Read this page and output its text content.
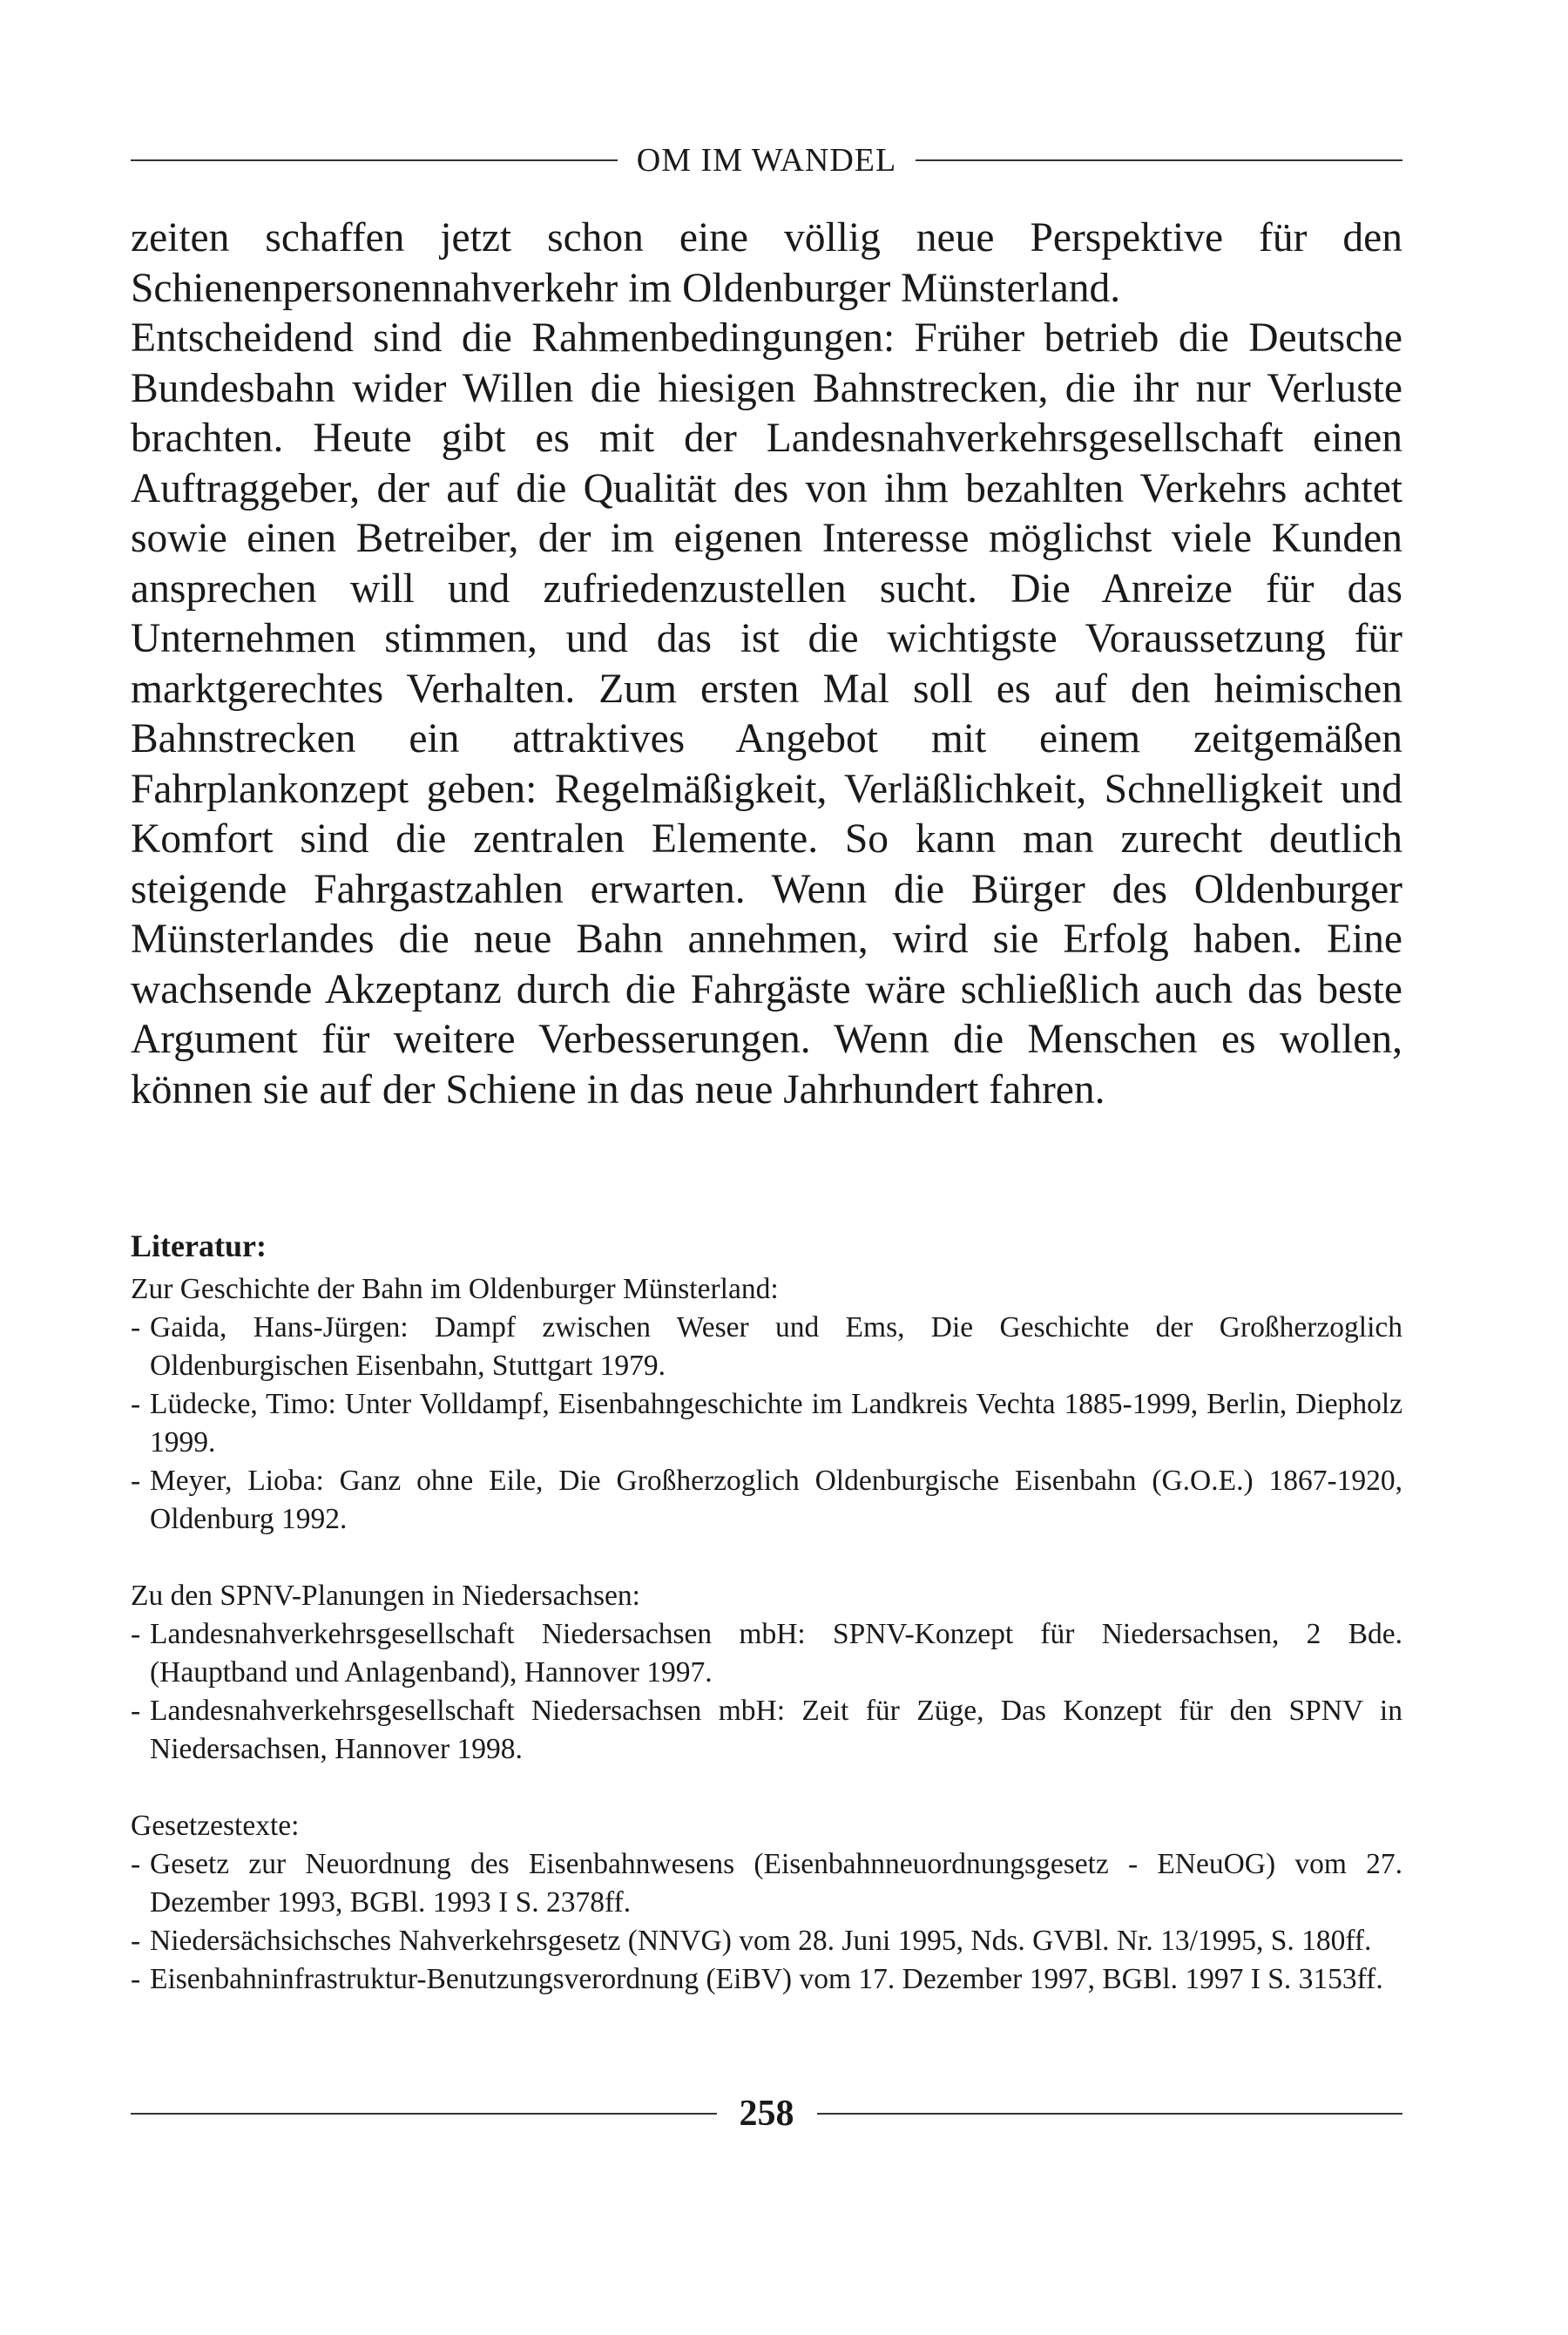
OM IM WANDEL

zeiten schaffen jetzt schon eine völlig neue Perspektive für den Schienenpersonennahverkehr im Oldenburger Münsterland.

Entscheidend sind die Rahmenbedingungen: Früher betrieb die Deutsche Bundesbahn wider Willen die hiesigen Bahnstrecken, die ihr nur Verluste brachten. Heute gibt es mit der Landesnahverkehrsgesellschaft einen Auftraggeber, der auf die Qualität des von ihm bezahlten Verkehrs achtet sowie einen Betreiber, der im eigenen Interesse möglichst viele Kunden ansprechen will und zufriedenzustellen sucht. Die Anreize für das Unternehmen stimmen, und das ist die wichtigste Voraussetzung für marktgerechtes Verhalten. Zum ersten Mal soll es auf den heimischen Bahnstrecken ein attraktives Angebot mit einem zeitgemäßen Fahrplankonzept geben: Regelmäßigkeit, Verläßlichkeit, Schnelligkeit und Komfort sind die zentralen Elemente. So kann man zurecht deutlich steigende Fahrgastzahlen erwarten. Wenn die Bürger des Oldenburger Münsterlandes die neue Bahn annehmen, wird sie Erfolg haben. Eine wachsende Akzeptanz durch die Fahrgäste wäre schließlich auch das beste Argument für weitere Verbesserungen. Wenn die Menschen es wollen, können sie auf der Schiene in das neue Jahrhundert fahren.

Literatur:

Zur Geschichte der Bahn im Oldenburger Münsterland:

- Gaida, Hans-Jürgen: Dampf zwischen Weser und Ems, Die Geschichte der Großherzoglich Oldenburgischen Eisenbahn, Stuttgart 1979.
- Lüdecke, Timo: Unter Volldampf, Eisenbahngeschichte im Landkreis Vechta 1885-1999, Berlin, Diepholz 1999.
- Meyer, Lioba: Ganz ohne Eile, Die Großherzoglich Oldenburgische Eisenbahn (G.O.E.) 1867-1920, Oldenburg 1992.

Zu den SPNV-Planungen in Niedersachsen:

- Landesnahverkehrsgesellschaft Niedersachsen mbH: SPNV-Konzept für Niedersachsen, 2 Bde. (Hauptband und Anlagenband), Hannover 1997.
- Landesnahverkehrsgesellschaft Niedersachsen mbH: Zeit für Züge, Das Konzept für den SPNV in Niedersachsen, Hannover 1998.

Gesetzestexte:

- Gesetz zur Neuordnung des Eisenbahnwesens (Eisenbahnneuordnungsgesetz - ENeuOG) vom 27. Dezember 1993, BGBl. 1993 I S. 2378ff.
- Niedersächsichsches Nahverkehrsgesetz (NNVG) vom 28. Juni 1995, Nds. GVBl. Nr. 13/1995, S. 180ff.
- Eisenbahninfrastruktur-Benutzungsverordnung (EiBV) vom 17. Dezember 1997, BGBl. 1997 I S. 3153ff.
258
